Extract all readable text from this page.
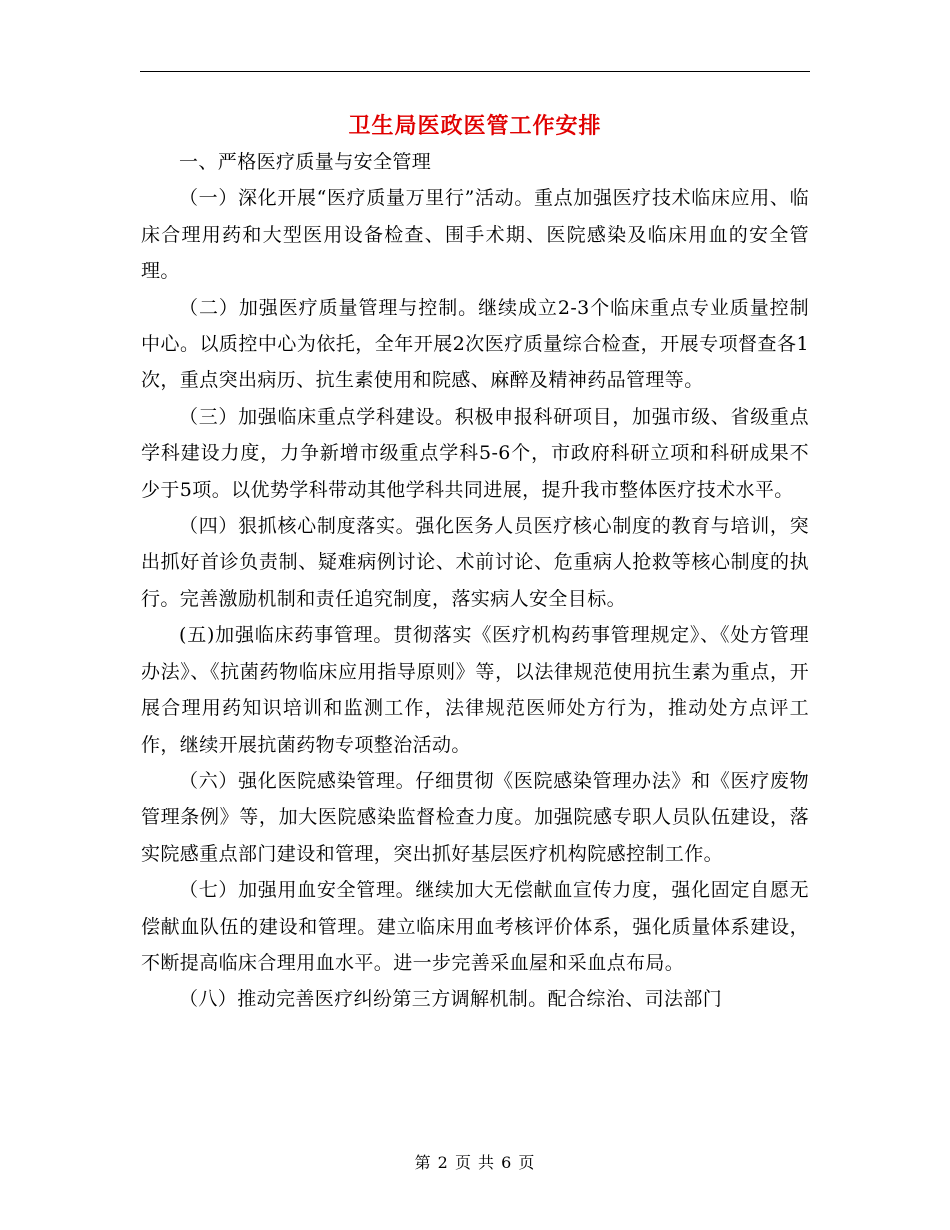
卫生局医政医管工作安排

一、严格医疗质量与安全管理

（一）深化开展“医疗质量万里行”活动。重点加强医疗技术临床应用、临床合理用药和大型医用设备检查、围手术期、医院感染及临床用血的安全管理。

（二）加强医疗质量管理与控制。继续成立2-3个临床重点专业质量控制中心。以质控中心为依托，全年开展2次医疗质量综合检查，开展专项督查各1次，重点突出病历、抗生素使用和院感、麻醉及精神药品管理等。

（三）加强临床重点学科建设。积极申报科研项目，加强市级、省级重点学科建设力度，力争新增市级重点学科5-6个，市政府科研立项和科研成果不少于5项。以优势学科带动其他学科共同进展，提升我市整体医疗技术水平。

（四）狠抓核心制度落实。强化医务人员医疗核心制度的教育与培训，突出抓好首诊负责制、疑难病例讨论、术前讨论、危重病人抢救等核心制度的执行。完善激励机制和责任追究制度，落实病人安全目标。

(五)加强临床药事管理。贯彻落实《医疗机构药事管理规定》、《处方管理办法》、《抗菌药物临床应用指导原则》等，以法律规范使用抗生素为重点，开展合理用药知识培训和监测工作，法律规范医师处方行为，推动处方点评工作，继续开展抗菌药物专项整治活动。

（六）强化医院感染管理。仔细贯彻《医院感染管理办法》和《医疗废物管理条例》等，加大医院感染监督检查力度。加强院感专职人员队伍建设，落实院感重点部门建设和管理，突出抓好基层医疗机构院感控制工作。

（七）加强用血安全管理。继续加大无偿献血宣传力度，强化固定自愿无偿献血队伍的建设和管理。建立临床用血考核评价体系，强化质量体系建设，不断提高临床合理用血水平。进一步完善采血屋和采血点布局。

（八）推动完善医疗纠纷第三方调解机制。配合综治、司法部门

第 2 页 共 6 页
